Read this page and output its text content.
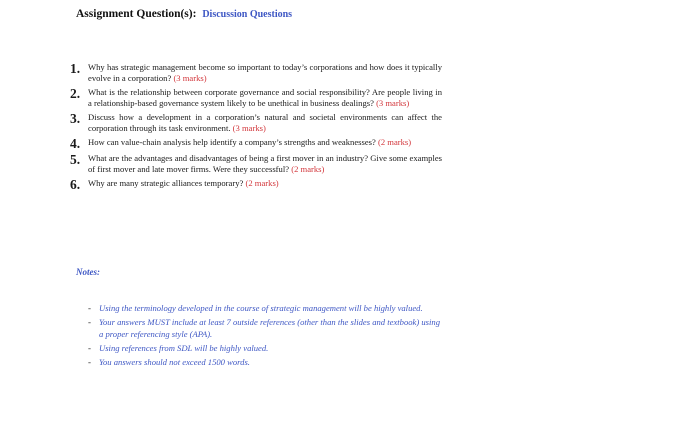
Assignment Question(s): Discussion Questions
1. Why has strategic management become so important to today’s corporations and how does it typically evolve in a corporation? (3 marks)
2. What is the relationship between corporate governance and social responsibility? Are people living in a relationship-based governance system likely to be unethical in business dealings? (3 marks)
3. Discuss how a development in a corporation’s natural and societal environments can affect the corporation through its task environment. (3 marks)
4. How can value-chain analysis help identify a company’s strengths and weaknesses? (2 marks)
5. What are the advantages and disadvantages of being a first mover in an industry? Give some examples of first mover and late mover firms. Were they successful? (2 marks)
6. Why are many strategic alliances temporary? (2 marks)
Notes:
- Using the terminology developed in the course of strategic management will be highly valued.
- Your answers MUST include at least 7 outside references (other than the slides and textbook) using a proper referencing style (APA).
- Using references from SDL will be highly valued.
- You answers should not exceed 1500 words.
